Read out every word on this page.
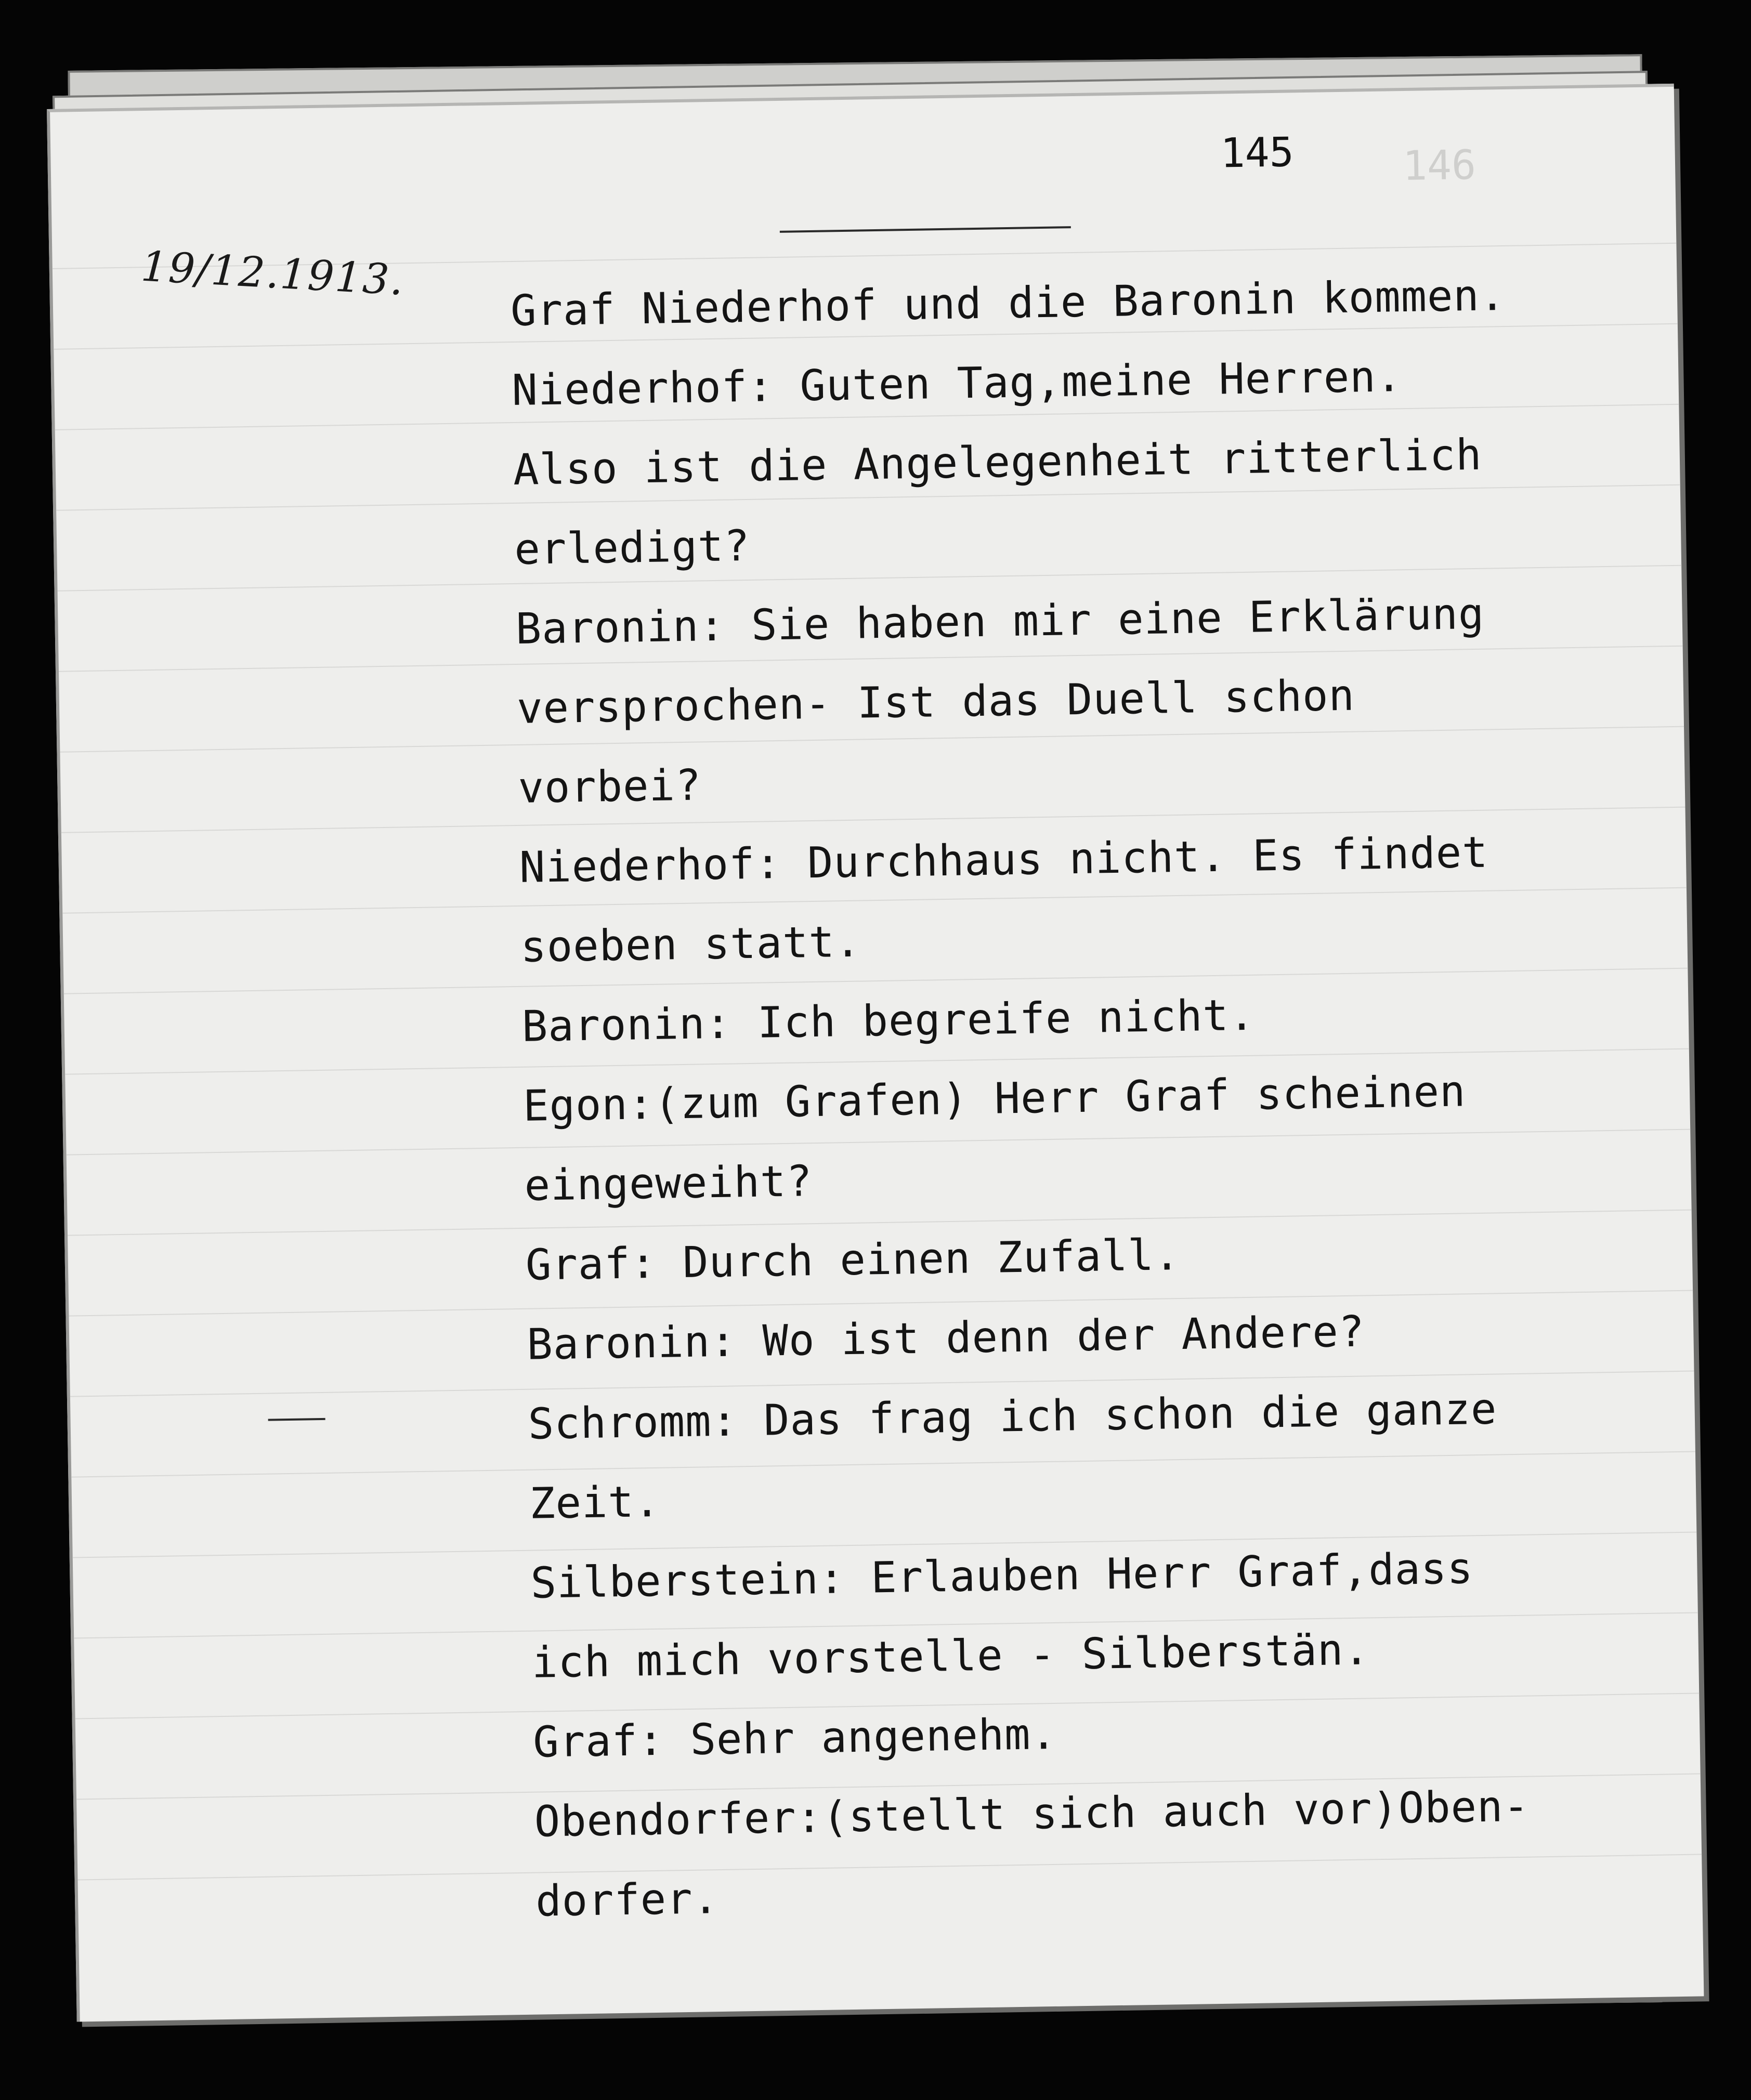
146
145
19/12.1913. Graf Niederhof und die Baronin kommen.
Niederhof: Guten Tag,meine Herren.
Also ist die Angelegenheit ritterlich
erledigt?
Baronin: Sie haben mir eine Erklärung
versprochen- Ist das Duell schon
vorbei?
Niederhof: Durchhaus nicht. Es findet
soeben statt.
Baronin: Ich begreife nicht.
Egon:(zum Grafen) Herr Graf scheinen
eingeweiht?
Graf: Durch einen Zufall.
Baronin: Wo ist denn der Andere?
Schromm: Das frag ich schon die ganze
Zeit.
Silberstein: Erlauben Herr Graf,dass
ich mich vorstelle - Silberstän.
Graf: Sehr angenehm.
Obendorfer:(stellt sich auch vor)Oben-
dorfer.
